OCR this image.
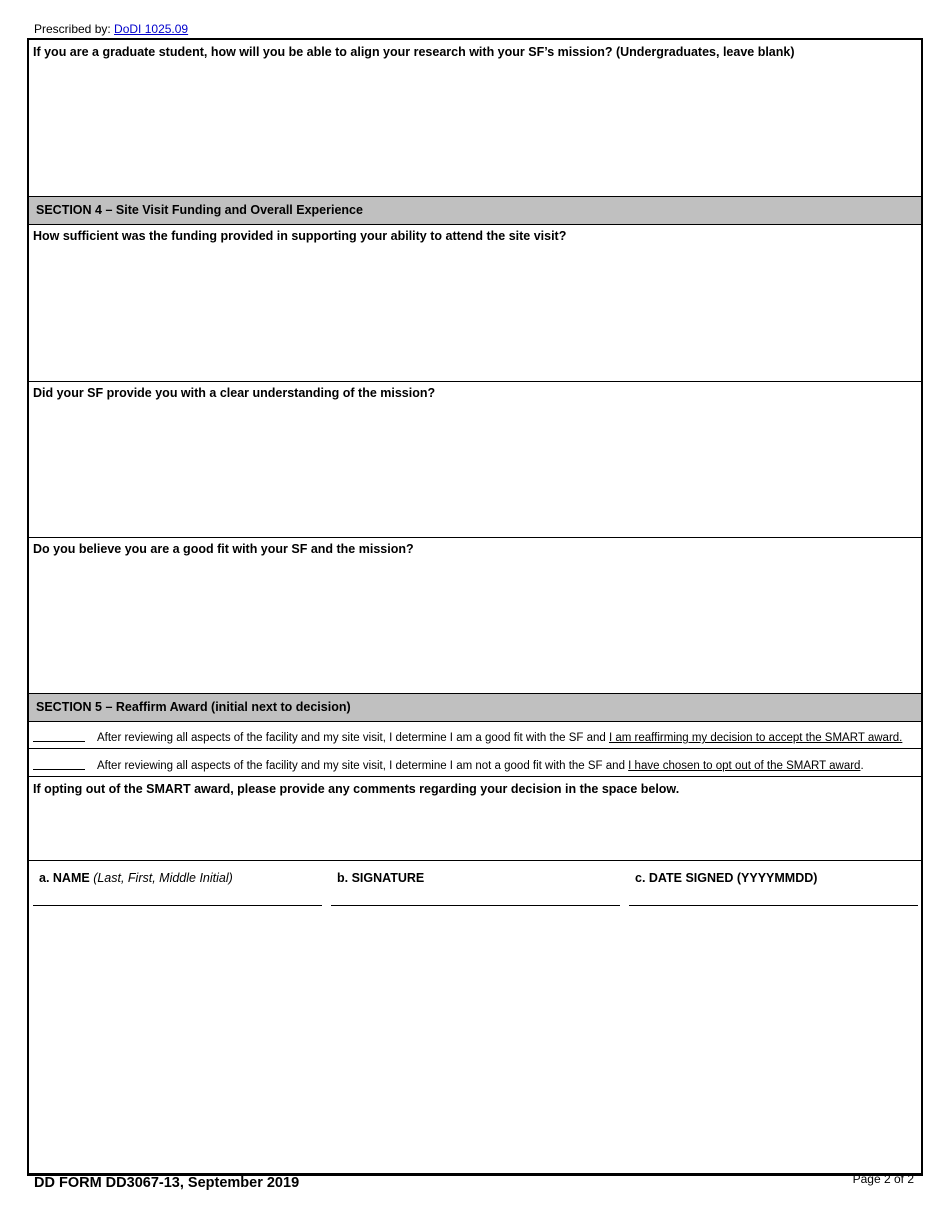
Prescribed by: DoDI 1025.09
If you are a graduate student, how will you be able to align your research with your SF’s mission? (Undergraduates, leave blank)
SECTION 4 – Site Visit Funding and Overall Experience
How sufficient was the funding provided in supporting your ability to attend the site visit?
Did your SF provide you with a clear understanding of the mission?
Do you believe you are a good fit with your SF and the mission?
SECTION 5 – Reaffirm Award (initial next to decision)
After reviewing all aspects of the facility and my site visit, I determine I am a good fit with the SF and I am reaffirming my decision to accept the SMART award.
After reviewing all aspects of the facility and my site visit, I determine I am not a good fit with the SF and I have chosen to opt out of the SMART award.
If opting out of the SMART award, please provide any comments regarding your decision in the space below.
a. NAME (Last, First, Middle Initial)	b. SIGNATURE	c. DATE SIGNED (YYYYMMDD)
DD FORM DD3067-13, September 2019	Page 2 of 2
